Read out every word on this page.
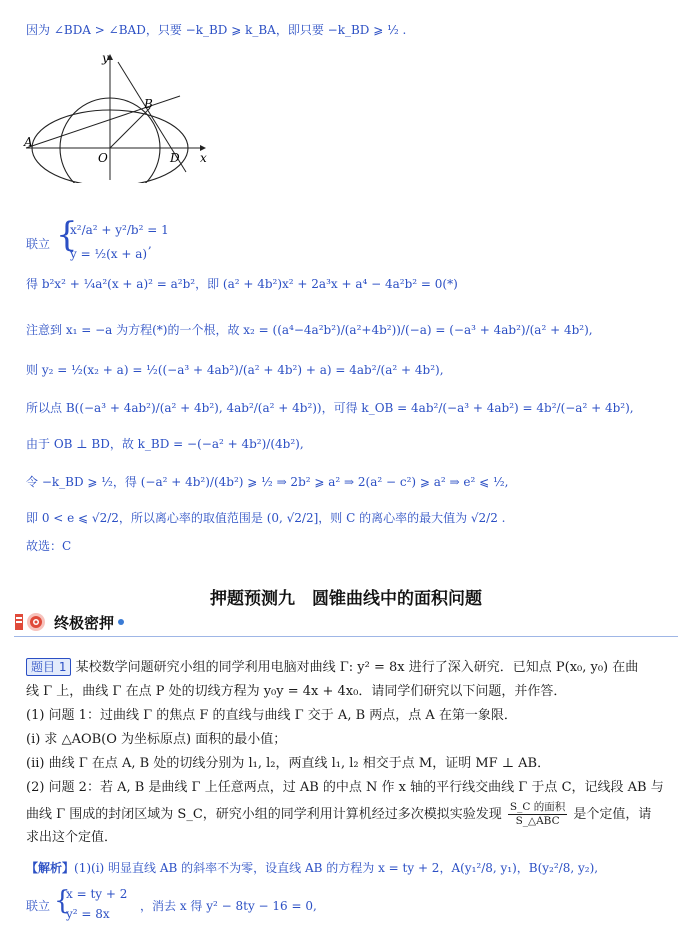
因为 ∠BDA > ∠BAD，只要 −k_BD ⩾ k_BA，即只要 −k_BD ⩾ ½ .
y
x
O
A
B
D
联立 {
x²/a² + y²/b² = 1
y = ½(x + a)
,
得 b²x² + ¼a²(x + a)² = a²b²，即 (a² + 4b²)x² + 2a³x + a⁴ − 4a²b² = 0(*)
注意到 x₁ = −a 为方程(*)的一个根，故 x₂ = ((a⁴−4a²b²)/(a²+4b²))/(−a) = (−a³ + 4ab²)/(a² + 4b²),
则 y₂ = ½(x₂ + a) = ½((−a³ + 4ab²)/(a² + 4b²) + a) = 4ab²/(a² + 4b²),
所以点 B((−a³ + 4ab²)/(a² + 4b²), 4ab²/(a² + 4b²))，可得 k_OB = 4ab²/(−a³ + 4ab²) = 4b²/(−a² + 4b²),
由于 OB ⊥ BD，故 k_BD = −(−a² + 4b²)/(4b²),
令 −k_BD ⩾ ½，得 (−a² + 4b²)/(4b²) ⩾ ½ ⇒ 2b² ⩾ a² ⇒ 2(a² − c²) ⩾ a² ⇒ e² ⩽ ½,
即 0 < e ⩽ √2/2，所以离心率的取值范围是 (0, √2/2]，则 C 的离心率的最大值为 √2/2 .
故选：C
押题预测九　圆锥曲线中的面积问题
终极密押
题目 1 某校数学问题研究小组的同学利用电脑对曲线 Γ: y² = 8x 进行了深入研究．已知点 P(x₀, y₀) 在曲
线 Γ 上，曲线 Γ 在点 P 处的切线方程为 y₀y = 4x + 4x₀．请同学们研究以下问题，并作答．
(1) 问题 1：过曲线 Γ 的焦点 F 的直线与曲线 Γ 交于 A, B 两点，点 A 在第一象限．
(i) 求 △AOB(O 为坐标原点) 面积的最小值；
(ii) 曲线 Γ 在点 A, B 处的切线分别为 l₁, l₂，两直线 l₁, l₂ 相交于点 M，证明 MF ⊥ AB．
(2) 问题 2：若 A, B 是曲线 Γ 上任意两点，过 AB 的中点 N 作 x 轴的平行线交曲线 Γ 于点 C，记线段 AB 与
曲线 Γ 围成的封闭区域为 S_C，研究小组的同学利用计算机经过多次模拟实验发现 $\frac{\text{S\_C 的面积}}{\text{S\_△ABC}}$ 是个定值，请
求出这个定值．
【解析】(1)(i) 明显直线 AB 的斜率不为零，设直线 AB 的方程为 x = ty + 2，A(y₁²/8, y₁)，B(y₂²/8, y₂),
联立 {
x = ty + 2
y² = 8x
，消去 x 得 y² − 8ty − 16 = 0,
